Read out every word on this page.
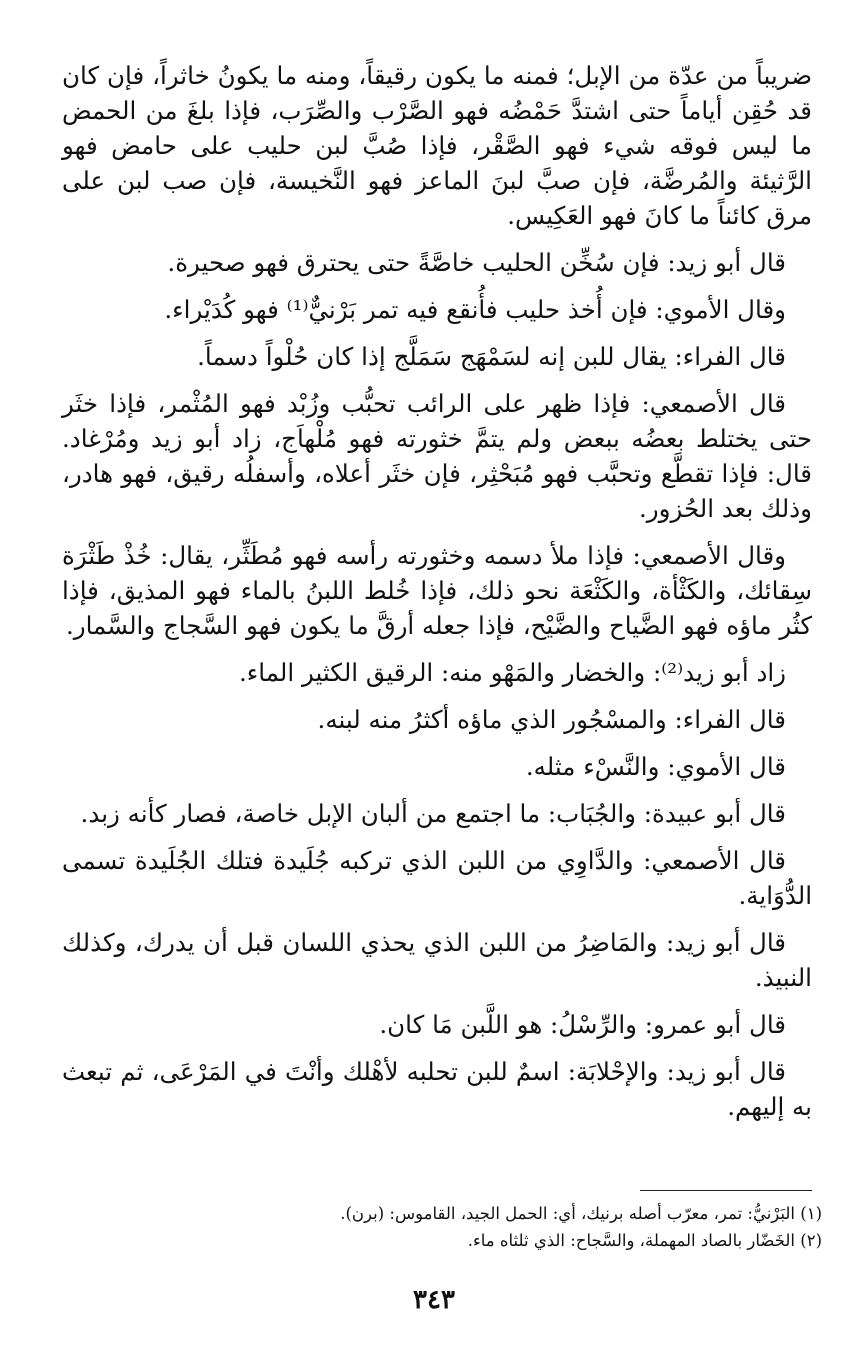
ضريباً من عدّة من الإبل؛ فمنه ما يكون رقيقاً، ومنه ما يكونُ خاثراً، فإن كان قد حُقِن أياماً حتى اشتدَّ حَمْضُه فهو الصَّرْب والصِّرَب، فإذا بلغَ من الحمض ما ليس فوقه شيء فهو الصَّقْر، فإذا صُبَّ لبن حليب على حامض فهو الرَّثيئة والمُرضَّة، فإن صبَّ لبنَ الماعز فهو النَّخيسة، فإن صب لبن على مرق كائناً ما كانَ فهو العَكِيس.

قال أبو زيد: فإن سُخِّن الحليب خاصَّةً حتى يحترق فهو صحيرة.

وقال الأموي: فإن أُخذ حليب فأُنقع فيه تمر بَرْنيٌّ⁽¹⁾ فهو كُدَيْراء.

قال الفراء: يقال للبن إنه لسَمْهَج سَمَلَّج إذا كان حُلْواً دسماً.

قال الأصمعي: فإذا ظهر على الرائب تحبُّب وزُبْد فهو المُثْمر، فإذا خثَر حتى يختلط بعضُه ببعض ولم يتمَّ خثورته فهو مُلْهاَج، زاد أبو زيد ومُرْغاد. قال: فإذا تقطَّع وتحبَّب فهو مُبَحْثِر، فإن خثَر أعلاه، وأسفلُه رقيق، فهو هادر، وذلك بعد الحُزور.

وقال الأصمعي: فإذا ملأ دسمه وخثورته رأسه فهو مُطَثِّر، يقال: خُذْ طَثْرَة سِقائك، والكَثْأة، والكَثْعَة نحو ذلك، فإذا خُلط اللبنُ بالماء فهو المذيق، فإذا كثُر ماؤه فهو الضَّياح والضَّيْح، فإذا جعله أرقَّ ما يكون فهو السَّجاج والسَّمار.

زاد أبو زيد⁽²⁾: والخضار والمَهْو منه: الرقيق الكثير الماء.

قال الفراء: والمسْجُور الذي ماؤه أكثرُ منه لبنه.

قال الأموي: والنَّسْء مثله.

قال أبو عبيدة: والجُبَاب: ما اجتمع من ألبان الإبل خاصة، فصار كأنه زبد.

قال الأصمعي: والدَّاوِي من اللبن الذي تركبه جُلَيدة فتلك الجُلَيدة تسمى الدُّوَاية.

قال أبو زيد: والمَاضِرُ من اللبن الذي يحذي اللسان قبل أن يدرك، وكذلك النبيذ.

قال أبو عمرو: والرِّسْلُ: هو اللَّبن مَا كان.

قال أبو زيد: والإحْلابَة: اسمٌ للبن تحلبه لأهْلك وأنْتَ في المَرْعَى، ثم تبعث به إليهم.

(١) البَرْنيُّ: تمر، معرّب أصله برنيك، أي: الحمل الجيد، القاموس: (برن).

(٢) الخَضّار بالصاد المهملة، والسَّجاح: الذي ثلثاه ماء.

٣٤٣
